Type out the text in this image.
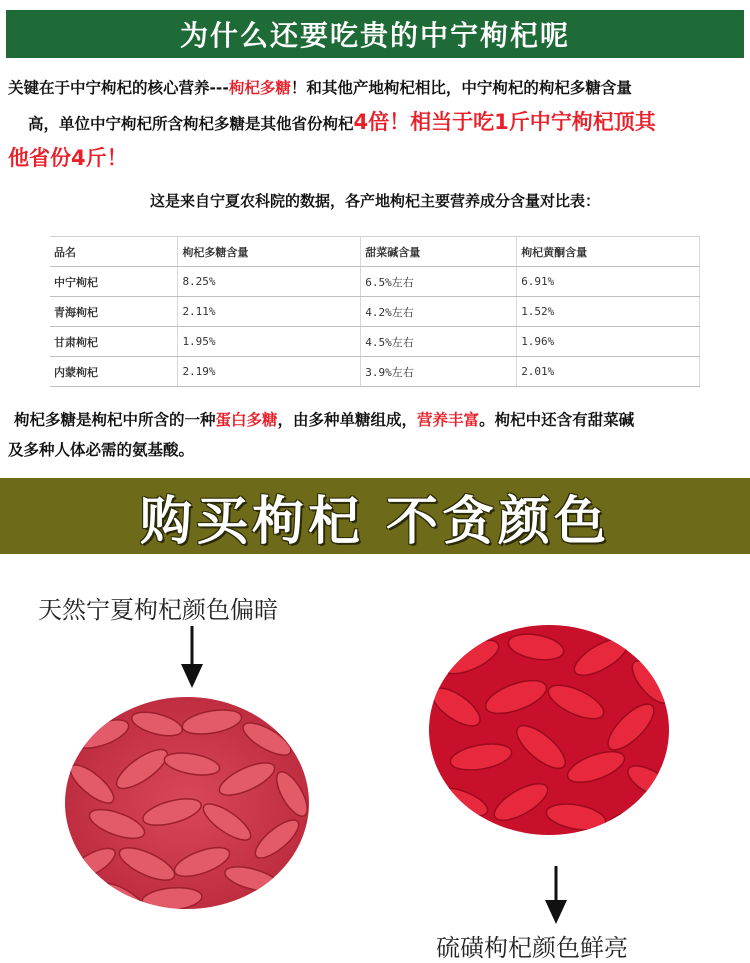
为什么还要吃贵的中宁枸杞呢
关键在于中宁枸杞的核心营养---枸杞多糖！和其他产地枸杞相比，中宁枸杞的枸杞多糖含量
高，单位中宁枸杞所含枸杞多糖是其他省份枸杞4倍！相当于吃1斤中宁枸杞顶其
他省份4斤！
这是来自宁夏农科院的数据，各产地枸杞主要营养成分含量对比表：
品名	枸杞多糖含量	甜菜碱含量	枸杞黄酮含量
中宁枸杞	8.25%	6.5%左右	6.91%
青海枸杞	2.11%	4.2%左右	1.52%
甘肃枸杞	1.95%	4.5%左右	1.96%
内蒙枸杞	2.19%	3.9%左右	2.01%
枸杞多糖是枸杞中所含的一种蛋白多糖，由多种单糖组成，营养丰富。枸杞中还含有甜菜碱
及多种人体必需的氨基酸。
购买枸杞 不贪颜色
天然宁夏枸杞颜色偏暗
硫磺枸杞颜色鲜亮
